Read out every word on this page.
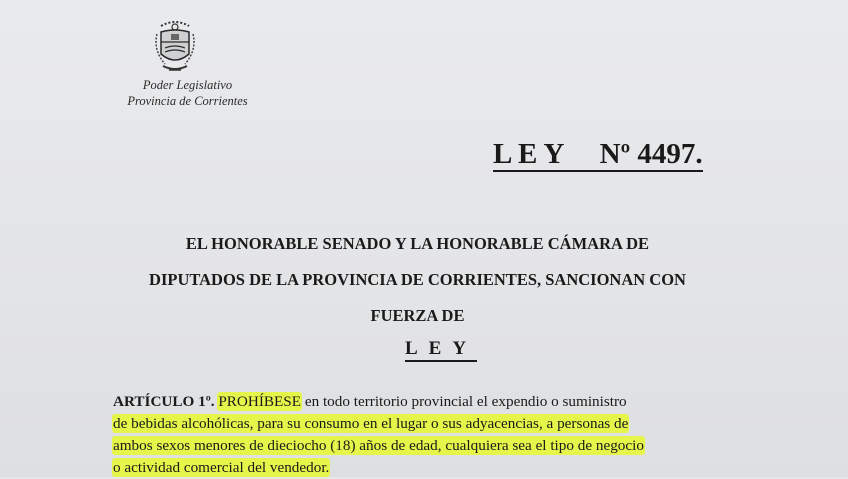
Poder Legislativo
Provincia de Corrientes
L E Y     Nº 4497.
EL HONORABLE SENADO Y LA HONORABLE CÁMARA DE
DIPUTADOS DE LA PROVINCIA DE CORRIENTES, SANCIONAN CON
FUERZA DE
LEY
ARTÍCULO 1º. PROHÍBESE en todo territorio provincial el expendio o suministro
de bebidas alcohólicas, para su consumo en el lugar o sus adyacencias, a personas de
ambos sexos menores de dieciocho (18) años de edad, cualquiera sea el tipo de negocio
o actividad comercial del vendedor.
